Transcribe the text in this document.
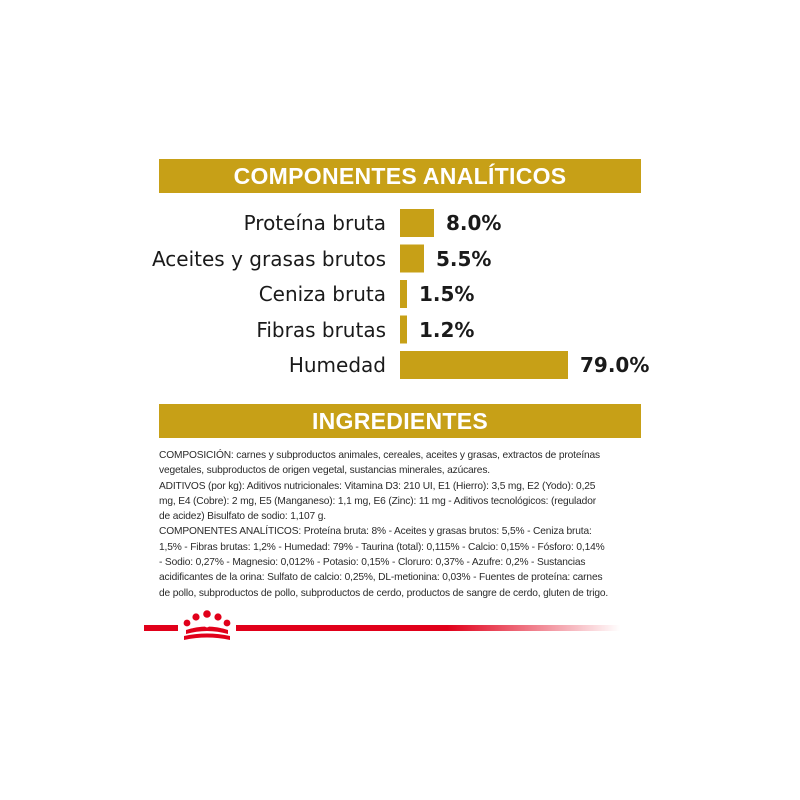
COMPONENTES ANALÍTICOS
Proteína bruta	8.0%
Aceites y grasas brutos	5.5%
Ceniza bruta 1.5%
Fibras brutas 1.2%
Humedad	79.0%
INGREDIENTES

COMPOSICIÓN: carnes y subproductos animales, cereales, aceites y grasas, extractos de proteínas vegetales, subproductos de origen vegetal, sustancias minerales, azúcares.

ADITIVOS (por kg): Aditivos nutricionales: Vitamina D3: 210 UI, E1 (Hierro): 3,5 mg, E2 (Yodo): 0,25 mg, E4 (Cobre): 2 mg, E5 (Manganeso): 1,1 mg, E6 (Zinc): 11 mg - Aditivos tecnológicos: (regulador de acidez) Bisulfato de sodio: 1,107 g.

COMPONENTES ANALÍTICOS: Proteína bruta: 8% - Aceites y grasas brutos: 5,5% - Ceniza bruta: 1,5% - Fibras brutas: 1,2% - Humedad: 79% - Taurina (total): 0,115% - Calcio: 0,15% - Fósforo: 0,14% - Sodio: 0,27% - Magnesio: 0,012% - Potasio: 0,15% - Cloruro: 0,37% - Azufre: 0,2% - Sustancias acidificantes de la orina: Sulfato de calcio: 0,25%, DL-metionina: 0,03% - Fuentes de proteína: carnes de pollo, subproductos de pollo, subproductos de cerdo, productos de sangre de cerdo, gluten de trigo.
